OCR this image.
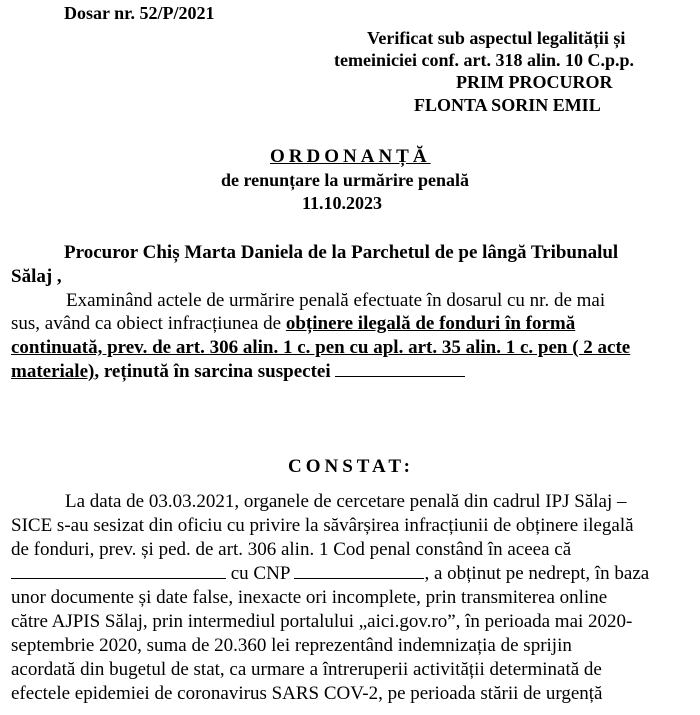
Dosar nr. 52/P/2021
Verificat sub aspectul legalității și
temeiniciei conf. art. 318 alin. 10 C.p.p.
PRIM PROCUROR
FLONTA SORIN EMIL
ORDONANȚĂ
de renunțare la urmărire penală
11.10.2023
Procuror Chiș Marta Daniela de la Parchetul de pe lângă Tribunalul
Sălaj ,
Examinând actele de urmărire penală efectuate în dosarul cu nr. de mai
sus, având ca obiect infracțiunea de obținere ilegală de fonduri în formă
continuată, prev. de art. 306 alin. 1 c. pen cu apl. art. 35 alin. 1 c. pen ( 2 acte
materiale), reținută în sarcina suspectei
CONSTAT:
La data de 03.03.2021, organele de cercetare penală din cadrul IPJ Sălaj –
SICE s-au sesizat din oficiu cu privire la săvârșirea infracțiunii de obținere ilegală
de fonduri, prev. și ped. de art. 306 alin. 1 Cod penal constând în aceea că
cu CNP	, a obținut pe nedrept, în baza
unor documente și date false, inexacte ori incomplete, prin transmiterea online
către AJPIS Sălaj, prin intermediul portalului „aici.gov.ro”, în perioada mai 2020-
septembrie 2020, suma de 20.360 lei reprezentând indemnizația de sprijin
acordată din bugetul de stat, ca urmare a întreruperii activității determinată de
efectele epidemiei de coronavirus SARS COV-2, pe perioada stării de urgență
